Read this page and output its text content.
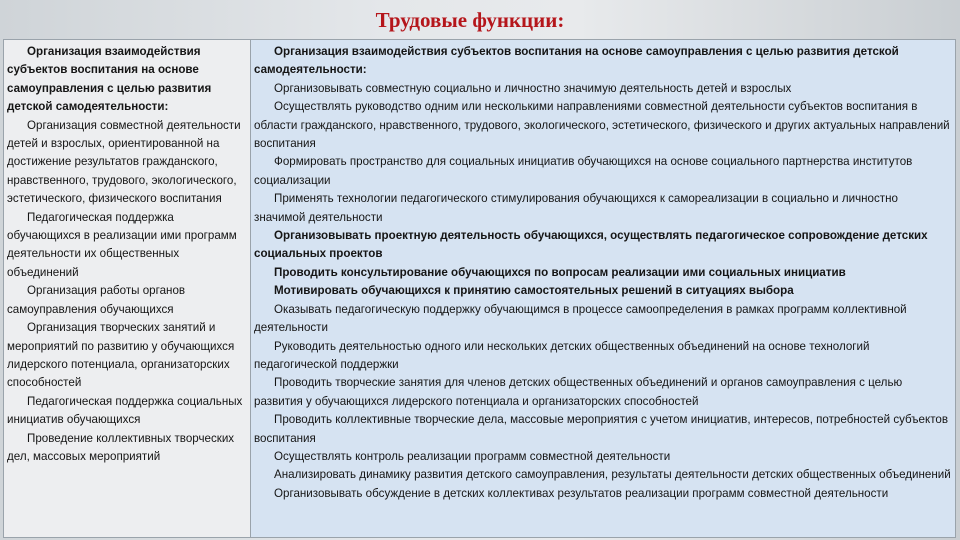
Трудовые функции:

Организация взаимодействия субъектов воспитания на основе самоуправления с целью развития детской самодеятельности:

Организация совместной деятельности детей и взрослых, ориентированной на достижение результатов гражданского, нравственного, трудового, экологического, эстетического, физического воспитания

Педагогическая поддержка обучающихся в реализации ими программ деятельности их общественных объединений

Организация работы органов самоуправления обучающихся

Организация творческих занятий и мероприятий по развитию у обучающихся лидерского потенциала, организаторских способностей

Педагогическая поддержка социальных инициатив обучающихся

Проведение коллективных творческих дел, массовых мероприятий

Организация взаимодействия субъектов воспитания на основе самоуправления с целью развития детской самодеятельности:

Организовывать совместную социально и личностно значимую деятельность детей и взрослых

Осуществлять руководство одним или несколькими направлениями совместной деятельности субъектов воспитания в области гражданского, нравственного, трудового, экологического, эстетического, физического и других актуальных направлений воспитания

Формировать пространство для социальных инициатив обучающихся на основе социального партнерства институтов социализации

Применять технологии педагогического стимулирования обучающихся к самореализации в социально и личностно значимой деятельности

Организовывать проектную деятельность обучающихся, осуществлять педагогическое сопровождение детских социальных проектов

Проводить консультирование обучающихся по вопросам реализации ими социальных инициатив

Мотивировать обучающихся к принятию самостоятельных решений в ситуациях выбора

Оказывать педагогическую поддержку обучающимся в процессе самоопределения в рамках программ коллективной деятельности

Руководить деятельностью одного или нескольких детских общественных объединений на основе технологий педагогической поддержки

Проводить творческие занятия для членов детских общественных объединений и органов самоуправления с целью развития у обучающихся лидерского потенциала и организаторских способностей

Проводить коллективные творческие дела, массовые мероприятия с учетом инициатив, интересов, потребностей субъектов воспитания

Осуществлять контроль реализации программ совместной деятельности

Анализировать динамику развития детского самоуправления, результаты деятельности детских общественных объединений

Организовывать обсуждение в детских коллективах результатов реализации программ совместной деятельности
